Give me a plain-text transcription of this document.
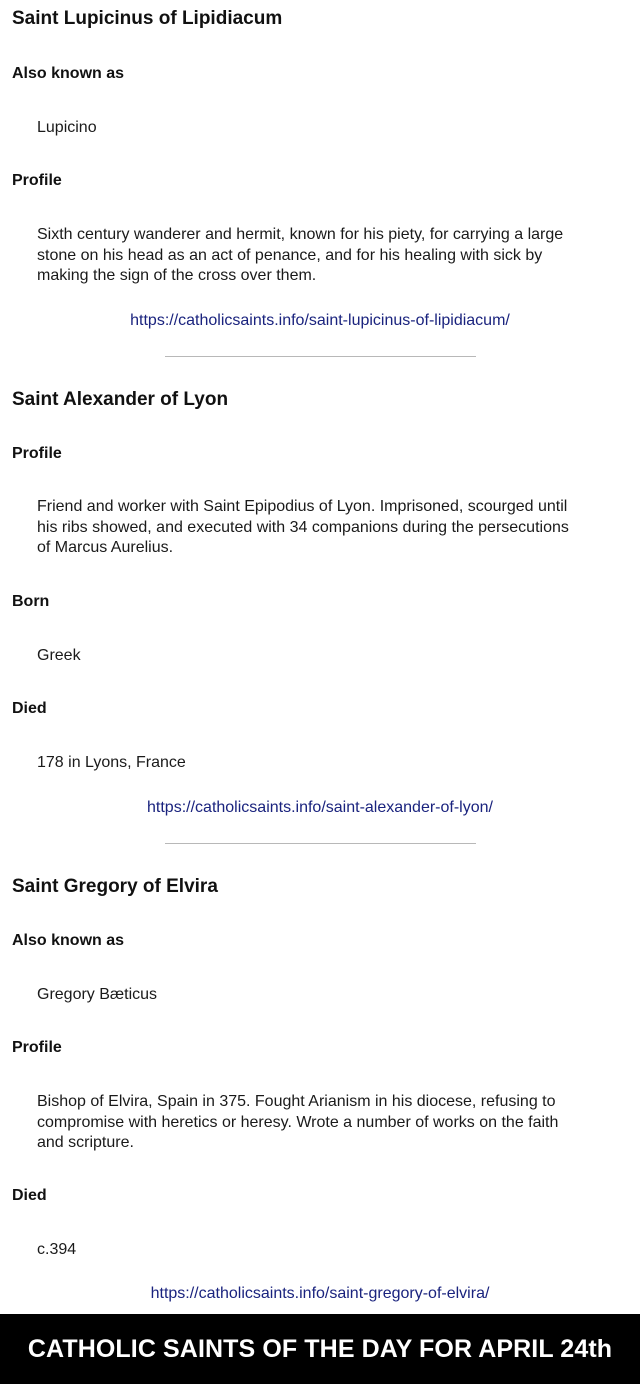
Saint Lupicinus of Lipidiacum
Also known as
Lupicino
Profile
Sixth century wanderer and hermit, known for his piety, for carrying a large
stone on his head as an act of penance, and for his healing with sick by
making the sign of the cross over them.
https://catholicsaints.info/saint-lupicinus-of-lipidiacum/
Saint Alexander of Lyon
Profile
Friend and worker with Saint Epipodius of Lyon. Imprisoned, scourged until
his ribs showed, and executed with 34 companions during the persecutions
of Marcus Aurelius.
Born
Greek
Died
178 in Lyons, France
https://catholicsaints.info/saint-alexander-of-lyon/
Saint Gregory of Elvira
Also known as
Gregory Bæticus
Profile
Bishop of Elvira, Spain in 375. Fought Arianism in his diocese, refusing to
compromise with heretics or heresy. Wrote a number of works on the faith
and scripture.
Died
c.394
https://catholicsaints.info/saint-gregory-of-elvira/
CATHOLIC SAINTS OF THE DAY FOR APRIL 24th
